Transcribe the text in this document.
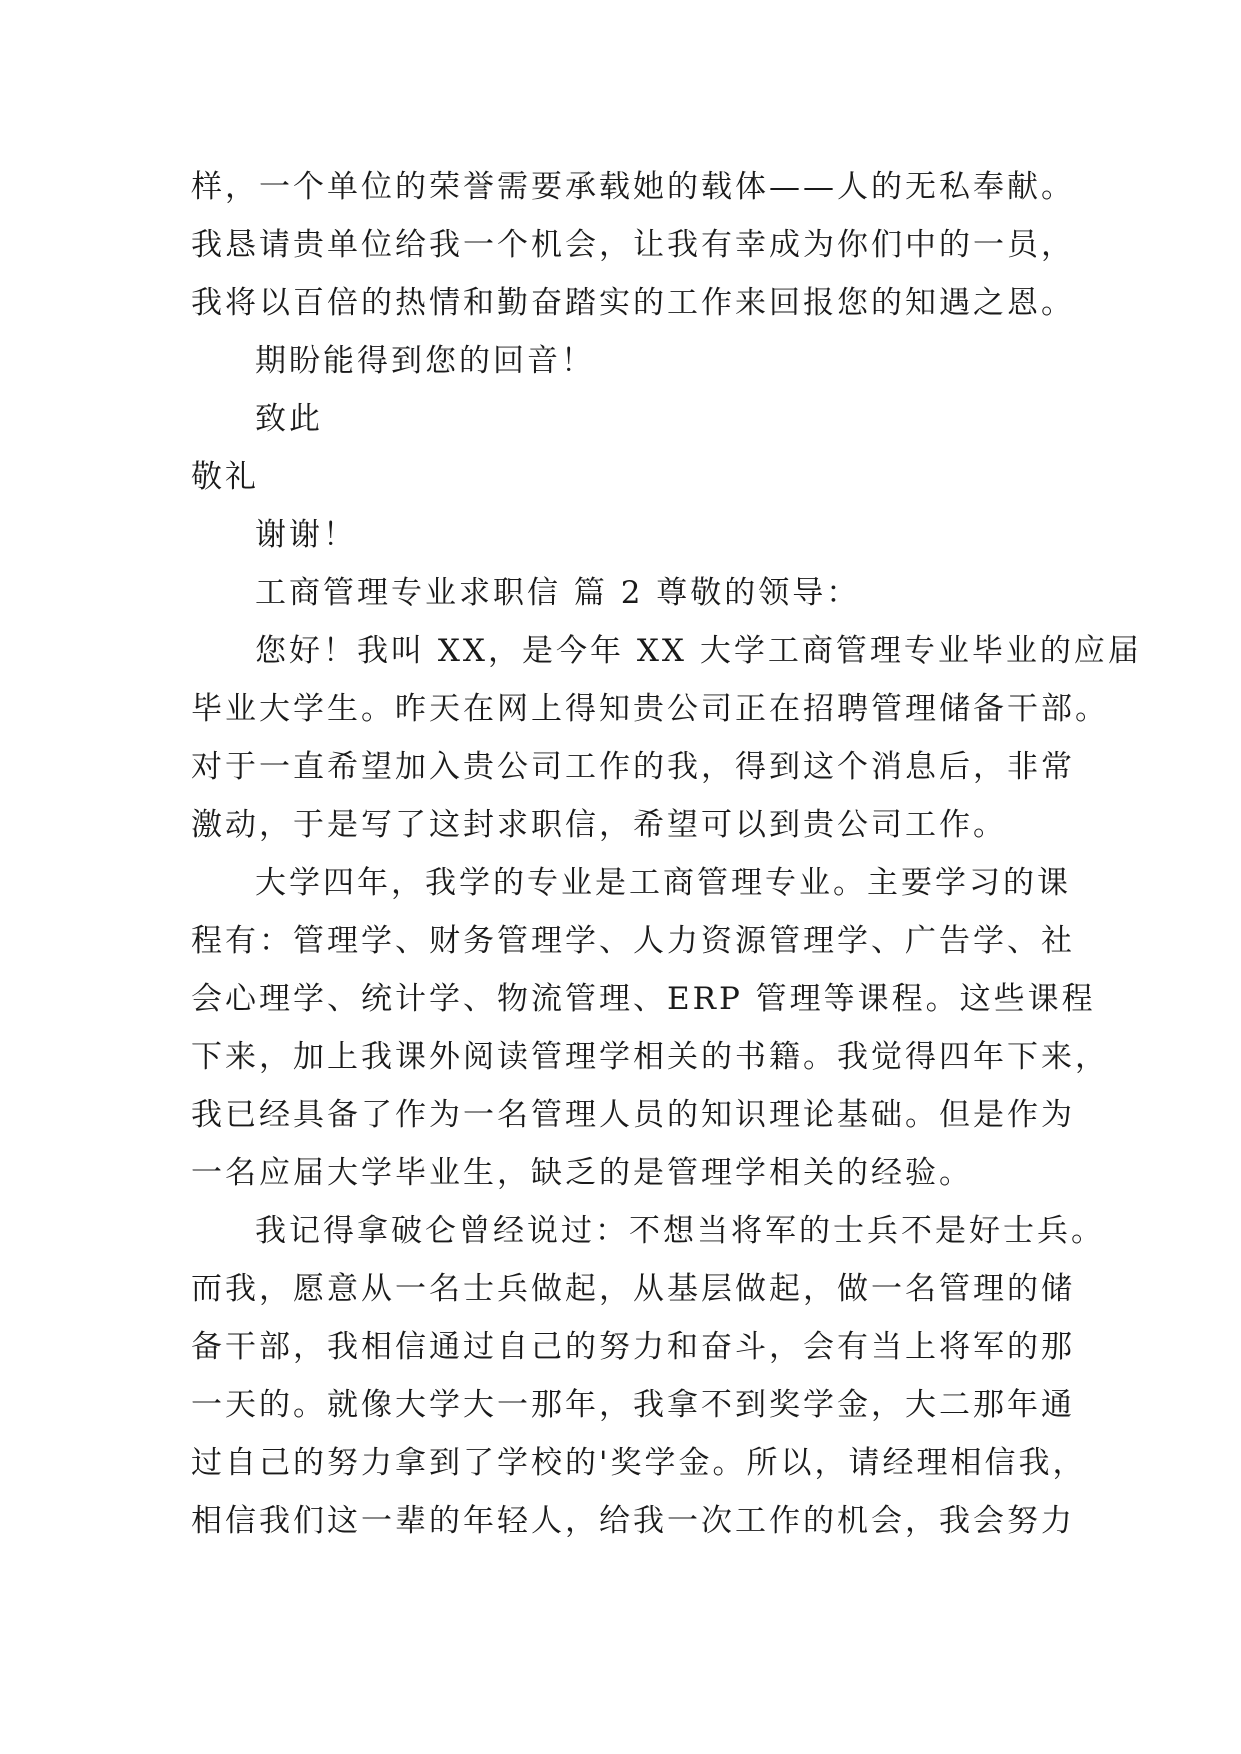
样，一个单位的荣誉需要承载她的载体——人的无私奉献。
我恳请贵单位给我一个机会，让我有幸成为你们中的一员，
我将以百倍的热情和勤奋踏实的工作来回报您的知遇之恩。
期盼能得到您的回音！
致此
敬礼
谢谢！
工商管理专业求职信 篇 2 尊敬的领导：
您好！我叫 XX，是今年 XX 大学工商管理专业毕业的应届
毕业大学生。昨天在网上得知贵公司正在招聘管理储备干部。
对于一直希望加入贵公司工作的我，得到这个消息后，非常
激动，于是写了这封求职信，希望可以到贵公司工作。
大学四年，我学的专业是工商管理专业。主要学习的课
程有：管理学、财务管理学、人力资源管理学、广告学、社
会心理学、统计学、物流管理、ERP 管理等课程。这些课程
下来，加上我课外阅读管理学相关的书籍。我觉得四年下来，
我已经具备了作为一名管理人员的知识理论基础。但是作为
一名应届大学毕业生，缺乏的是管理学相关的经验。
我记得拿破仑曾经说过：不想当将军的士兵不是好士兵。
而我，愿意从一名士兵做起，从基层做起，做一名管理的储
备干部，我相信通过自己的努力和奋斗，会有当上将军的那
一天的。就像大学大一那年，我拿不到奖学金，大二那年通
过自己的努力拿到了学校的'奖学金。所以，请经理相信我，
相信我们这一辈的年轻人，给我一次工作的机会，我会努力
